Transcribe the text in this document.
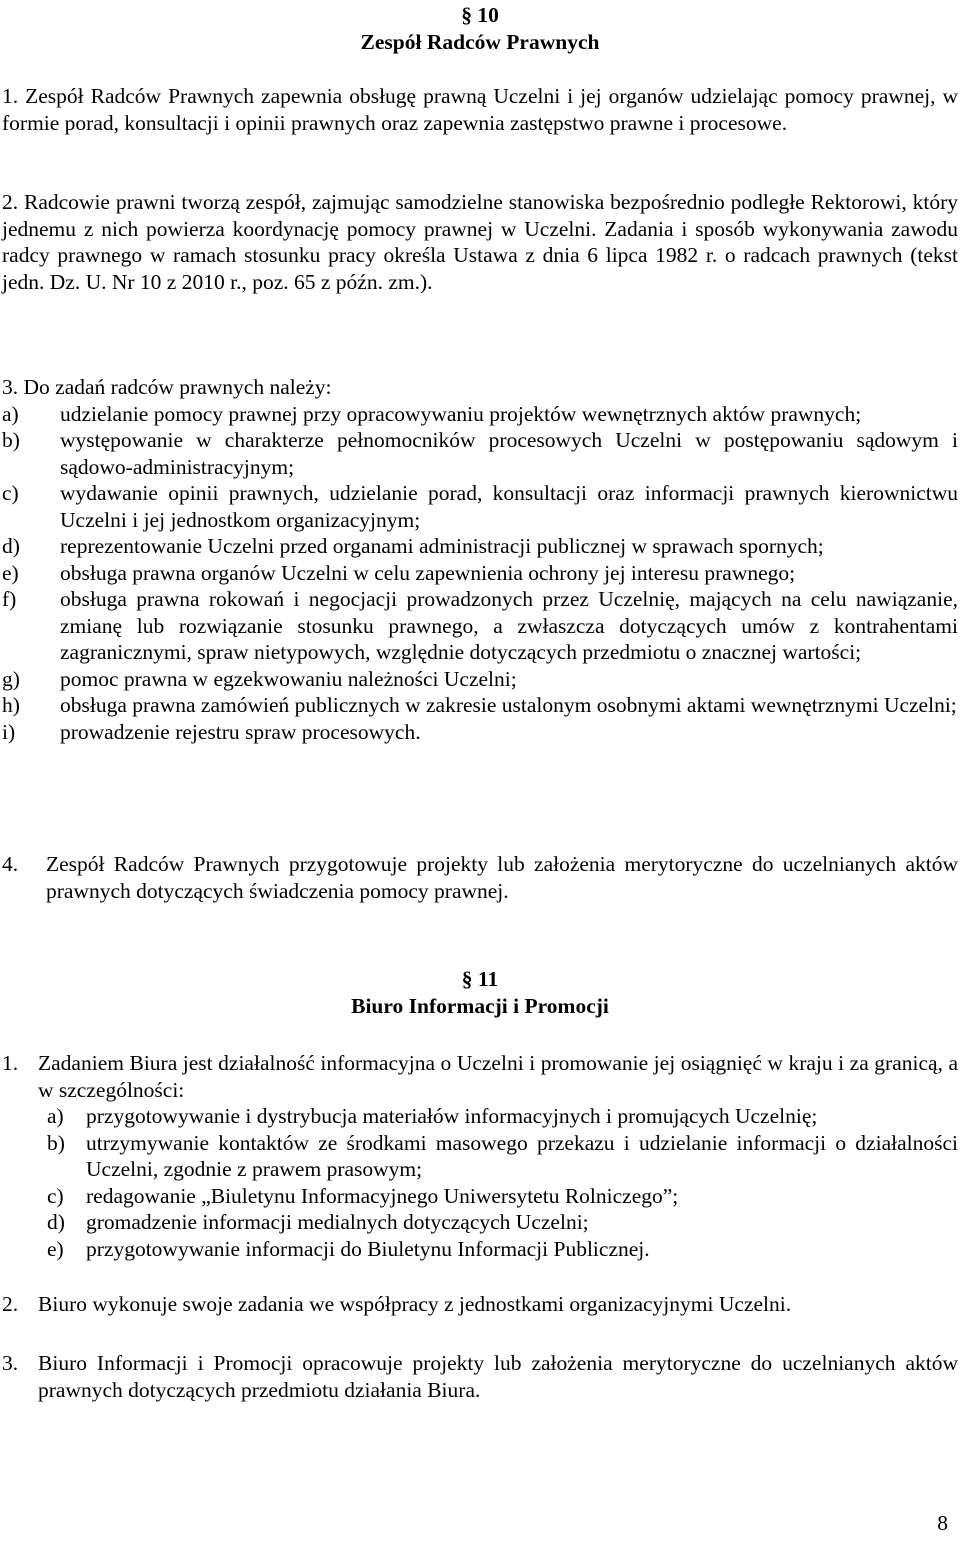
§ 10
Zespół Radców Prawnych
1. Zespół Radców Prawnych zapewnia obsługę prawną Uczelni i jej organów udzielając pomocy prawnej, w formie porad, konsultacji i opinii prawnych oraz zapewnia zastępstwo prawne i procesowe.
2. Radcowie prawni tworzą zespół, zajmując samodzielne stanowiska bezpośrednio podległe Rektorowi, który jednemu z nich powierza koordynację pomocy prawnej w Uczelni. Zadania i sposób wykonywania zawodu radcy prawnego w ramach stosunku pracy określa Ustawa z dnia 6 lipca 1982 r. o radcach prawnych (tekst jedn. Dz. U. Nr 10 z 2010 r., poz. 65 z późn. zm.).
3. Do zadań radców prawnych należy:
a) udzielanie pomocy prawnej przy opracowywaniu projektów wewnętrznych aktów prawnych;
b) występowanie w charakterze pełnomocników procesowych Uczelni w postępowaniu sądowym i sądowo-administracyjnym;
c) wydawanie opinii prawnych, udzielanie porad, konsultacji oraz informacji prawnych kierownictwu Uczelni i jej jednostkom organizacyjnym;
d) reprezentowanie Uczelni przed organami administracji publicznej w sprawach spornych;
e) obsługa prawna organów Uczelni w celu zapewnienia ochrony jej interesu prawnego;
f) obsługa prawna rokowań i negocjacji prowadzonych przez Uczelnię, mających na celu nawiązanie, zmianę lub rozwiązanie stosunku prawnego, a zwłaszcza dotyczących umów z kontrahentami zagranicznymi, spraw nietypowych, względnie dotyczących przedmiotu o znacznej wartości;
g) pomoc prawna w egzekwowaniu należności Uczelni;
h) obsługa prawna zamówień publicznych w zakresie ustalonym osobnymi aktami wewnętrznymi Uczelni;
i) prowadzenie rejestru spraw procesowych.
4. Zespół Radców Prawnych przygotowuje projekty lub założenia merytoryczne do uczelnianych aktów prawnych dotyczących świadczenia pomocy prawnej.
§ 11
Biuro Informacji i Promocji
1. Zadaniem Biura jest działalność informacyjna o Uczelni i promowanie jej osiągnięć w kraju i za granicą, a w szczególności:
a) przygotowywanie i dystrybucja materiałów informacyjnych i promujących Uczelnię;
b) utrzymywanie kontaktów ze środkami masowego przekazu i udzielanie informacji o działalności Uczelni, zgodnie z prawem prasowym;
c) redagowanie „Biuletynu Informacyjnego Uniwersytetu Rolniczego”;
d) gromadzenie informacji medialnych dotyczących Uczelni;
e) przygotowywanie informacji do Biuletynu Informacji Publicznej.
2. Biuro wykonuje swoje zadania we współpracy z jednostkami organizacyjnymi Uczelni.
3. Biuro Informacji i Promocji opracowuje projekty lub założenia merytoryczne do uczelnianych aktów prawnych dotyczących przedmiotu działania Biura.
8
